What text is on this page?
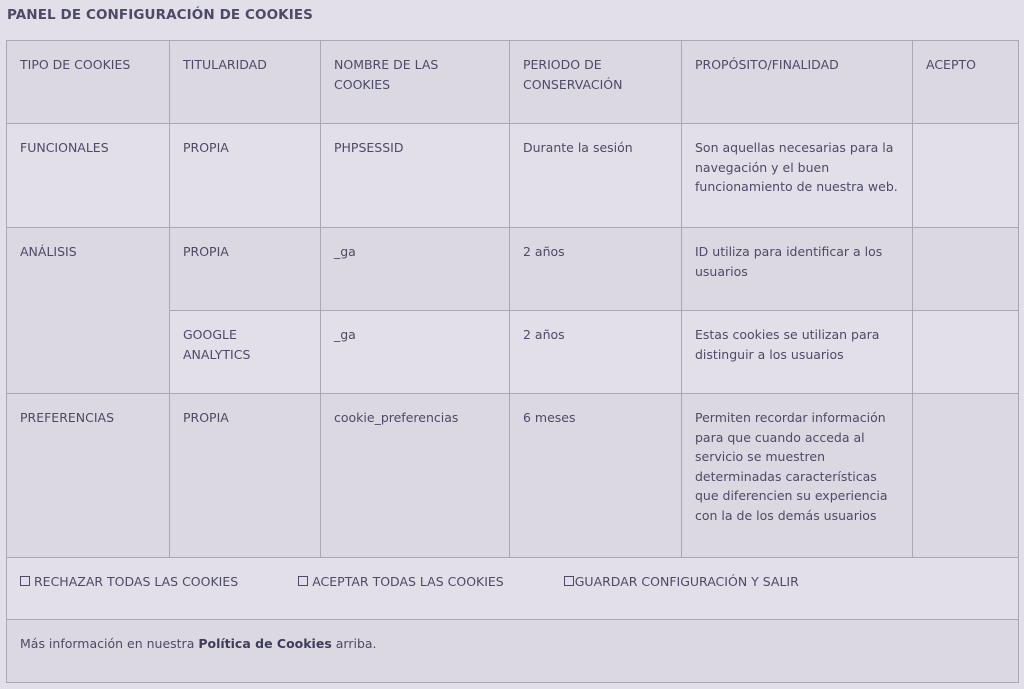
PANEL DE CONFIGURACIÓN DE COOKIES
TIPO DE COOKIES	TITULARIDAD	NOMBRE DE LAS COOKIES	PERIODO DE CONSERVACIÓN	PROPÓSITO/FINALIDAD	ACEPTO
FUNCIONALES	PROPIA	PHPSESSID	Durante la sesión	Son aquellas necesarias para la navegación y el buen funcionamiento de nuestra web.	
ANÁLISIS	PROPIA	_ga	2 años	ID utiliza para identificar a los usuarios	
	GOOGLE ANALYTICS	_ga	2 años	Estas cookies se utilizan para distinguir a los usuarios	
PREFERENCIAS	PROPIA	cookie_preferencias	6 meses	Permiten recordar información para que cuando acceda al servicio se muestren determinadas características que diferencien su experiencia con la de los demás usuarios	
RECHAZAR TODAS LAS COOKIES ACEPTAR TODAS LAS COOKIES GUARDAR CONFIGURACIÓN Y SALIR					
Más información en nuestra Política de Cookies arriba.					
